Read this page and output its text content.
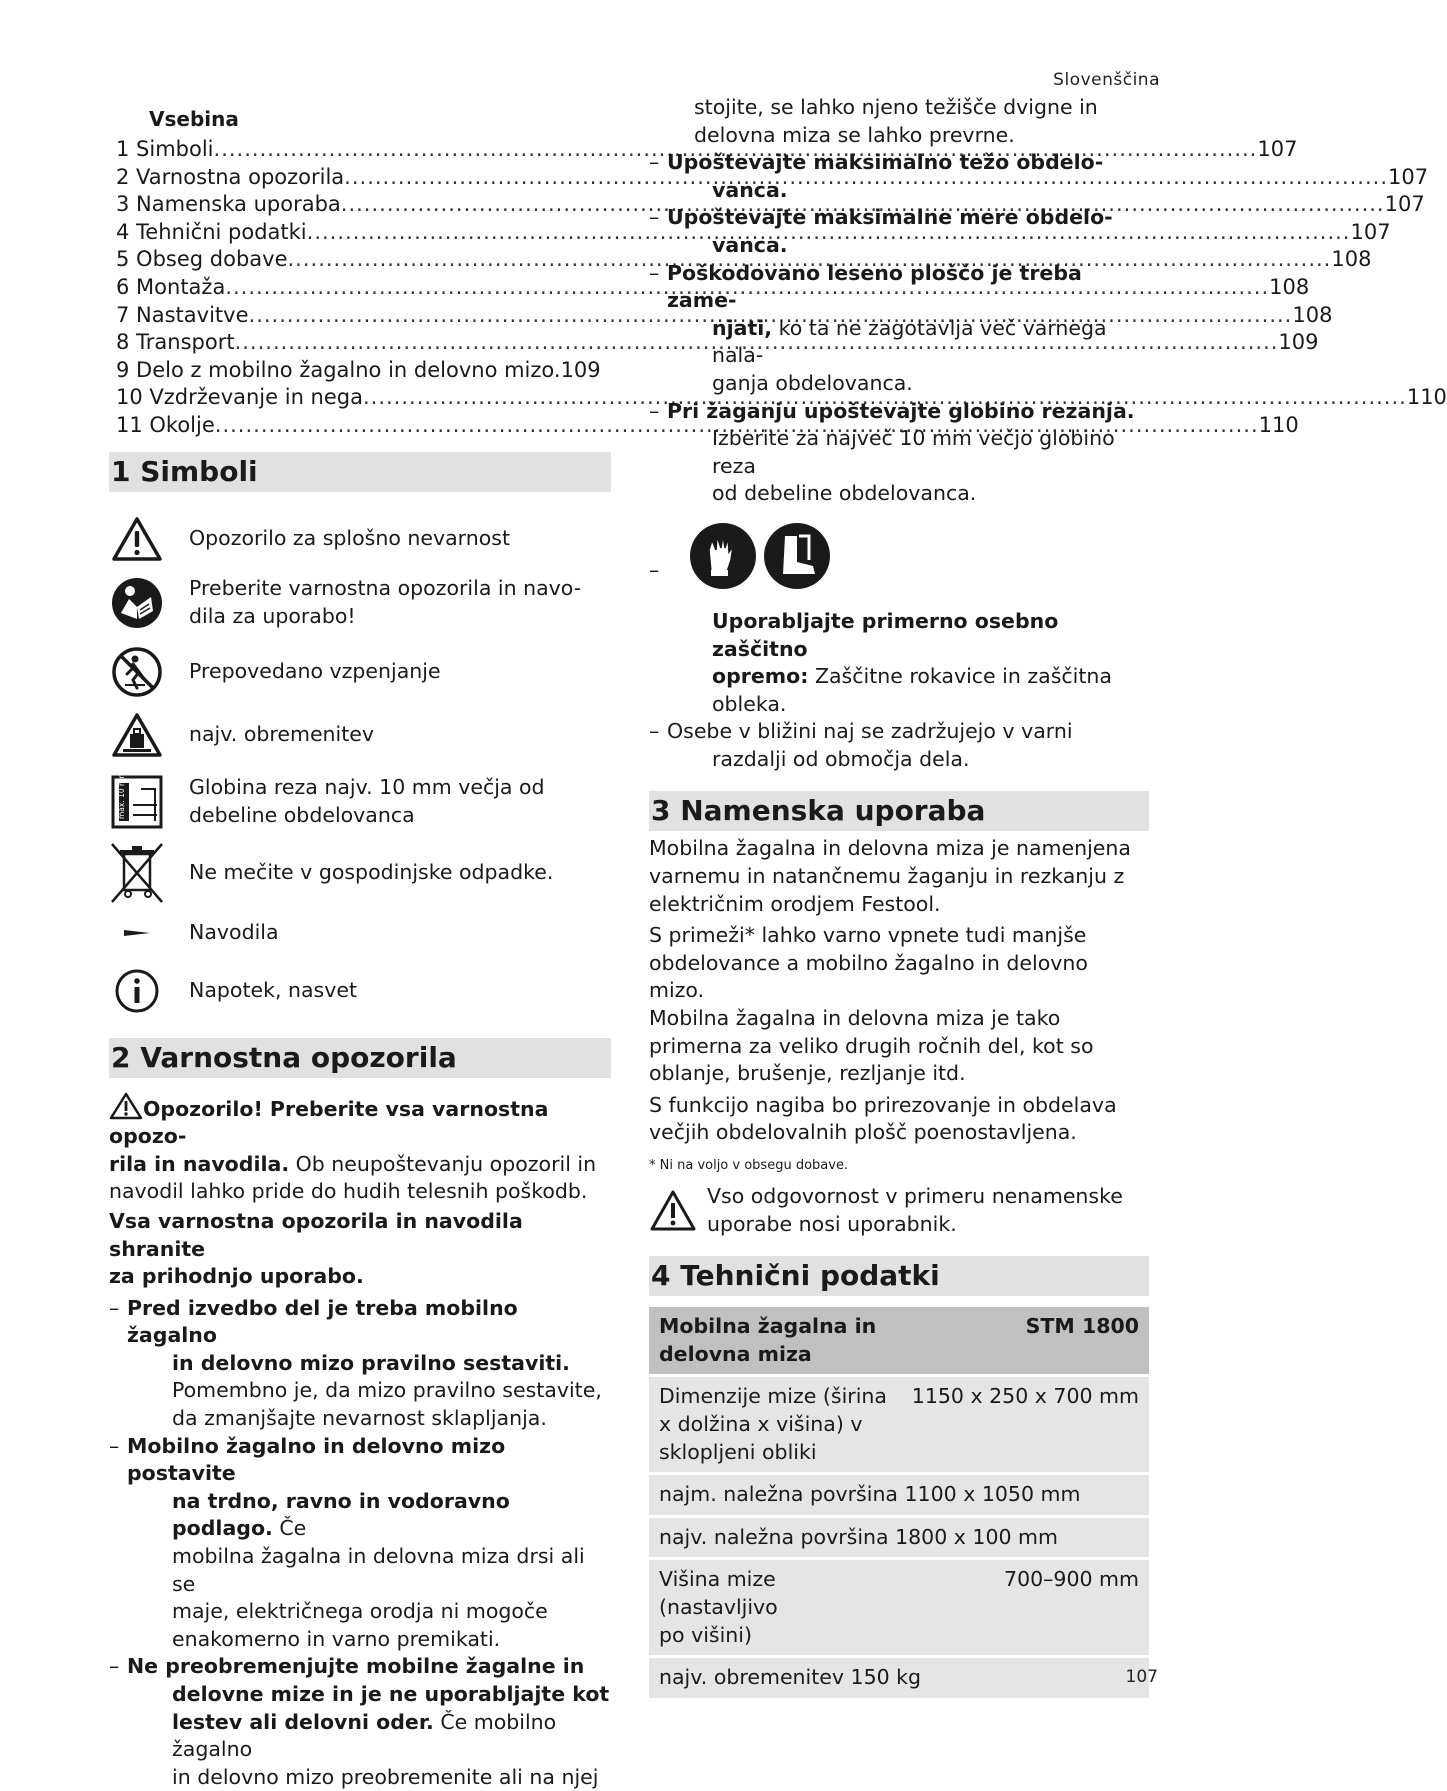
Slovenščina
Vsebina
1 Simboli .....	107
2 Varnostna opozorila .....	107
3 Namenska uporaba .....	107
4 Tehnični podatki .....	107
5 Obseg dobave .....	108
6 Montaža .....	108
7 Nastavitve .....	108
8 Transport .....	109
9 Delo z mobilno žagalno in delovno mizo. 109
10 Vzdrževanje in nega .....	110
11 Okolje .....	110
1 Simboli
Opozorilo za splošno nevarnost
Preberite varnostna opozorila in navo-
dila za uporabo!
Prepovedano vzpenjanje
najv. obremenitev
max. 10 mm	Globina reza najv. 10 mm večja od
debeline obdelovanca
Ne mečite v gospodinjske odpadke.
Navodila
Napotek, nasvet
2 Varnostna opozorila
Opozorilo! Preberite vsa varnostna opozo-
rila in navodila. Ob neupoštevanju opozoril in
navodil lahko pride do hudih telesnih poškodb.
Vsa varnostna opozorila in navodila shranite
za prihodnjo uporabo.
– Pred izvedbo del je treba mobilno žagalno

in delovno mizo pravilno sestaviti.
Pomembno je, da mizo pravilno sestavite,
da zmanjšajte nevarnost sklapljanja.
– Mobilno žagalno in delovno mizo postavite

na trdno, ravno in vodoravno podlago. Če
mobilna žagalna in delovna miza drsi ali se
maje, električnega orodja ni mogoče
enakomerno in varno premikati.
– Ne preobremenjujte mobilne žagalne in

delovne mize in je ne uporabljajte kot
lestev ali delovni oder. Če mobilno žagalno
in delovno mizo preobremenite ali na njej
stojite, se lahko njeno težišče dvigne in
delovna miza se lahko prevrne.
– Upoštevajte maksimalno težo obdelo-

vanca.
– Upoštevajte maksimalne mere obdelo-

vanca.
– Poškodovano leseno ploščo je treba zame-

njati, ko ta ne zagotavlja več varnega nala-
ganja obdelovanca.
– Pri žaganju upoštevajte globino rezanja.

Izberite za največ 10 mm večjo globino reza
od debeline obdelovanca.
–
Uporabljajte primerno osebno zaščitno
opremo: Zaščitne rokavice in zaščitna
obleka.
– Osebe v bližini naj se zadržujejo v varni

razdalji od območja dela.
3 Namenska uporaba
Mobilna žagalna in delovna miza je namenjena
varnemu in natančnemu žaganju in rezkanju z
električnim orodjem Festool.
S primeži* lahko varno vpnete tudi manjše
obdelovance a mobilno žagalno in delovno mizo.
Mobilna žagalna in delovna miza je tako
primerna za veliko drugih ročnih del, kot so
oblanje, brušenje, rezljanje itd.
S funkcijo nagiba bo prirezovanje in obdelava
večjih obdelovalnih plošč poenostavljena.
* Ni na voljo v obsegu dobave.
Vso odgovornost v primeru nenamenske
uporabe nosi uporabnik.
4 Tehnični podatki
Mobilna žagalna in
delovna miza	STM 1800
Dimenzije mize (širina
x dolžina x višina) v
skloplјeni obliki	1150 x 250 x 700 mm
najm. naležna površina 1100 x 1050 mm	
najv. naležna površina 1800 x 100 mm	
Višina mize (nastavljivo
po višini)	700–900 mm
najv. obremenitev 150 kg		107
